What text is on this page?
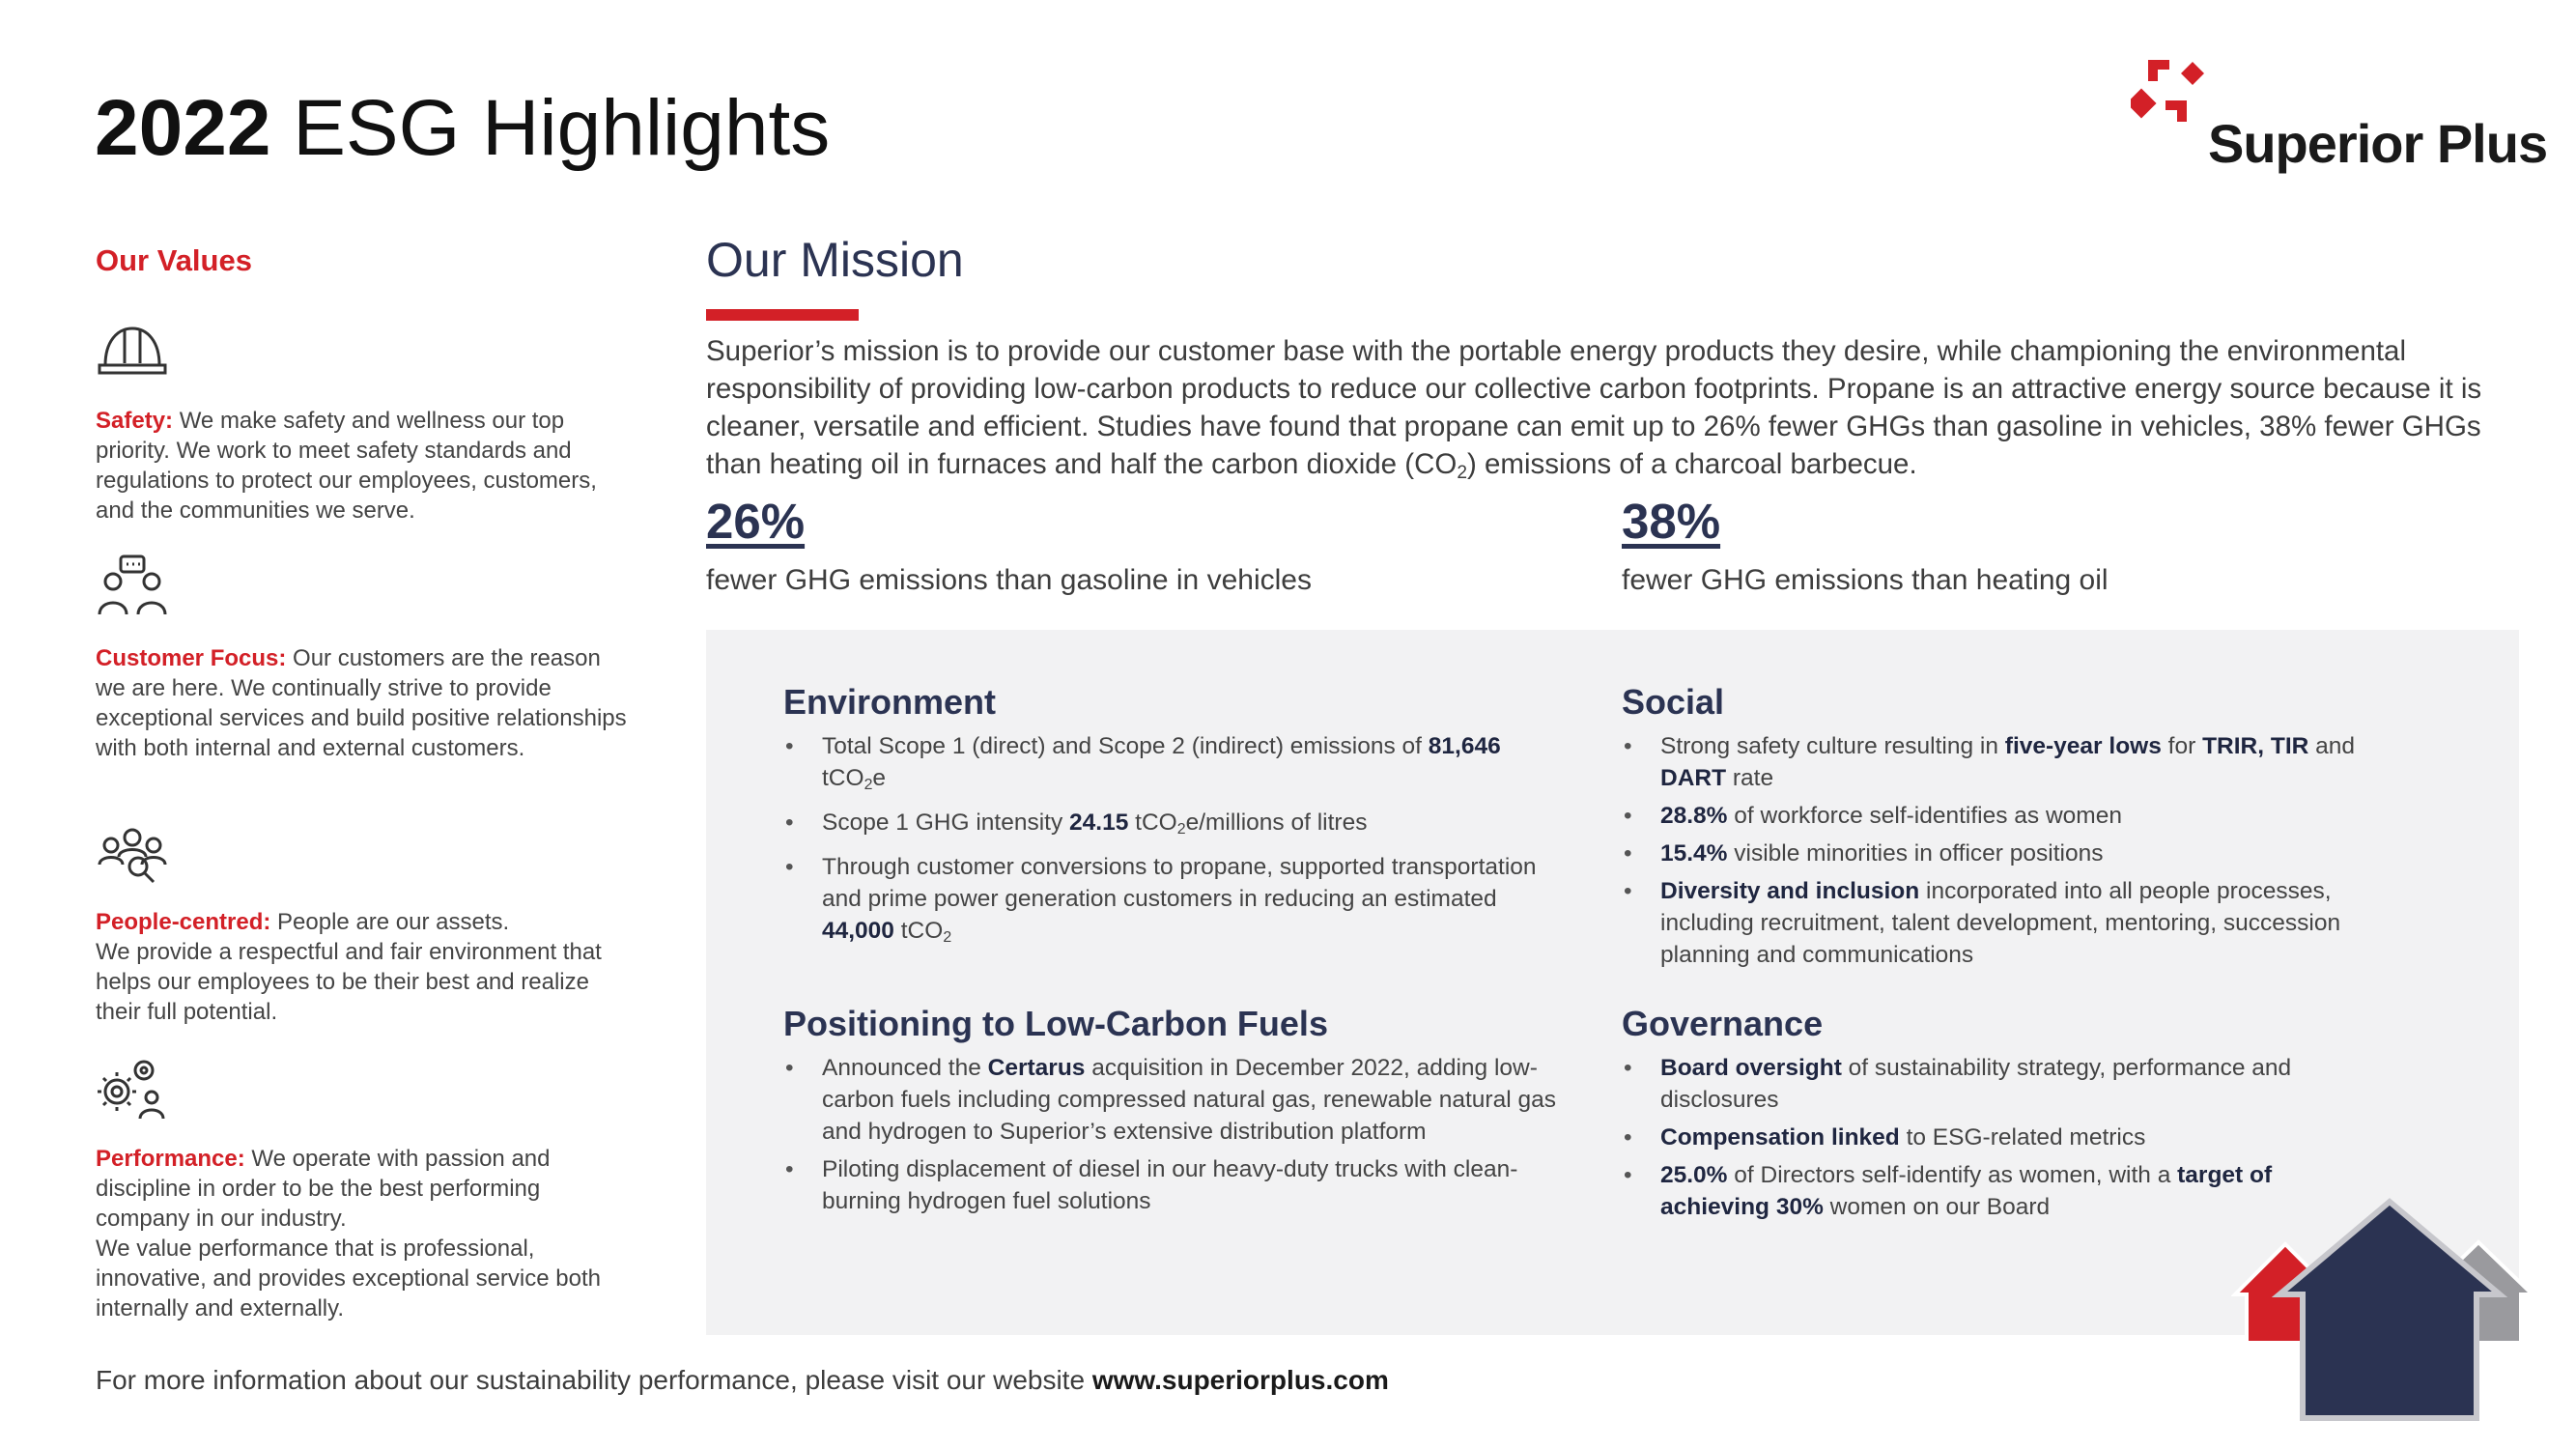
2022 ESG Highlights	Superior Plus
Our Values
Safety: We make safety and wellness our top priority. We work to meet safety standards and regulations to protect our employees, customers, and the communities we serve.
Customer Focus: Our customers are the reason we are here. We continually strive to provide exceptional services and build positive relationships with both internal and external customers.
People-centred: People are our assets.
We provide a respectful and fair environment that helps our employees to be their best and realize their full potential.
Performance: We operate with passion and discipline in order to be the best performing company in our industry.
We value performance that is professional, innovative, and provides exceptional service both internally and externally.
Our Mission
Superior’s mission is to provide our customer base with the portable energy products they desire, while championing the environmental responsibility of providing low-carbon products to reduce our collective carbon footprints. Propane is an attractive energy source because it is cleaner, versatile and efficient. Studies have found that propane can emit up to 26% fewer GHGs than gasoline in vehicles, 38% fewer GHGs than heating oil in furnaces and half the carbon dioxide $(CO_2)$ emissions of a charcoal barbecue.
26%
fewer GHG emissions than gasoline in vehicles
38%
fewer GHG emissions than heating oil
Environment
• Total Scope 1 (direct) and Scope 2 (indirect) emissions of 81,646 tCO$_2$e
• Scope 1 GHG intensity 24.15 tCO$_2$e/millions of litres
• Through customer conversions to propane, supported transportation and prime power generation customers in reducing an estimated 44,000 tCO$_2$
Social
• Strong safety culture resulting in five-year lows for TRIR, TIR and DART rate
• 28.8% of workforce self-identifies as women
• 15.4% visible minorities in officer positions
• Diversity and inclusion incorporated into all people processes, including recruitment, talent development, mentoring, succession planning and communications
Positioning to Low-Carbon Fuels
• Announced the Certarus acquisition in December 2022, adding low-carbon fuels including compressed natural gas, renewable natural gas and hydrogen to Superior’s extensive distribution platform
• Piloting displacement of diesel in our heavy-duty trucks with clean-burning hydrogen fuel solutions
Governance
• Board oversight of sustainability strategy, performance and disclosures
• Compensation linked to ESG-related metrics
• 25.0% of Directors self-identify as women, with a target of achieving 30% women on our Board
For more information about our sustainability performance, please visit our website www.superiorplus.com
